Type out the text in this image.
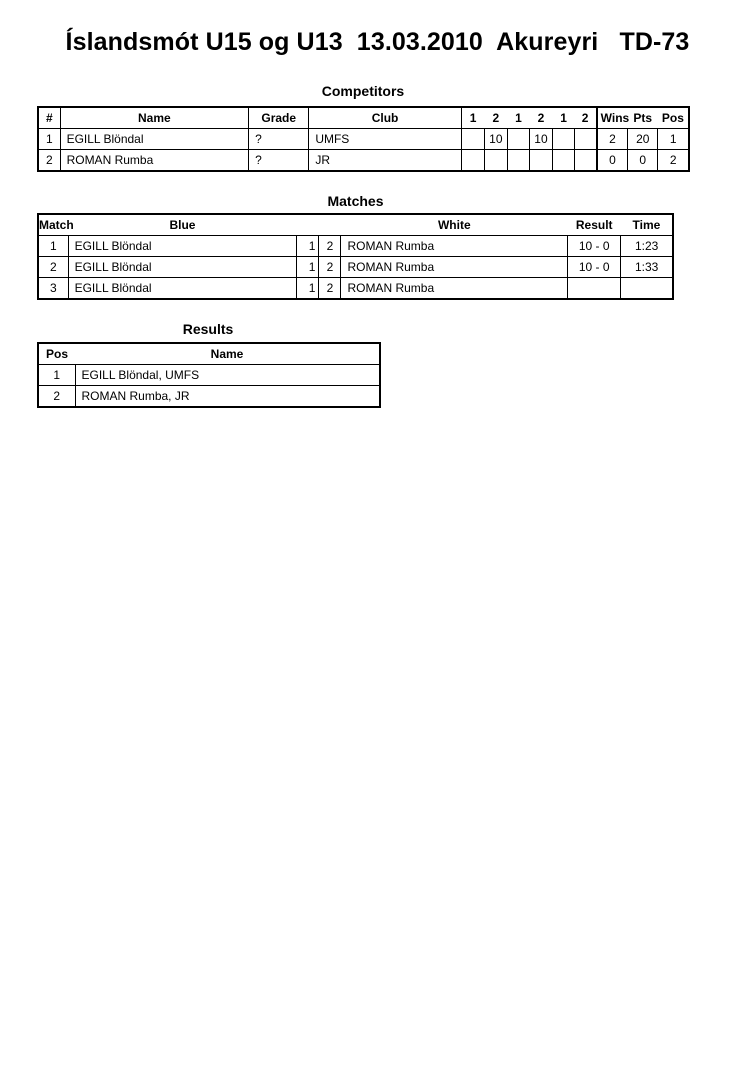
Íslandsmót U15 og U13  13.03.2010  Akureyri   TD-73
Competitors
#	Name	Grade	Club	1	2	1	2	1	2	Wins	Pts	Pos
1	EGILL Blöndal	?	UMFS		10		10			2	20	1
2	ROMAN Rumba	?	JR							0	0	2
Matches
Match	Blue			White	Result	Time
1	EGILL Blöndal	1	2	ROMAN Rumba	10 - 0	1:23
2	EGILL Blöndal	1	2	ROMAN Rumba	10 - 0	1:33
3	EGILL Blöndal	1	2	ROMAN Rumba		
Results
Pos	Name
1	EGILL Blöndal, UMFS
2	ROMAN Rumba, JR
